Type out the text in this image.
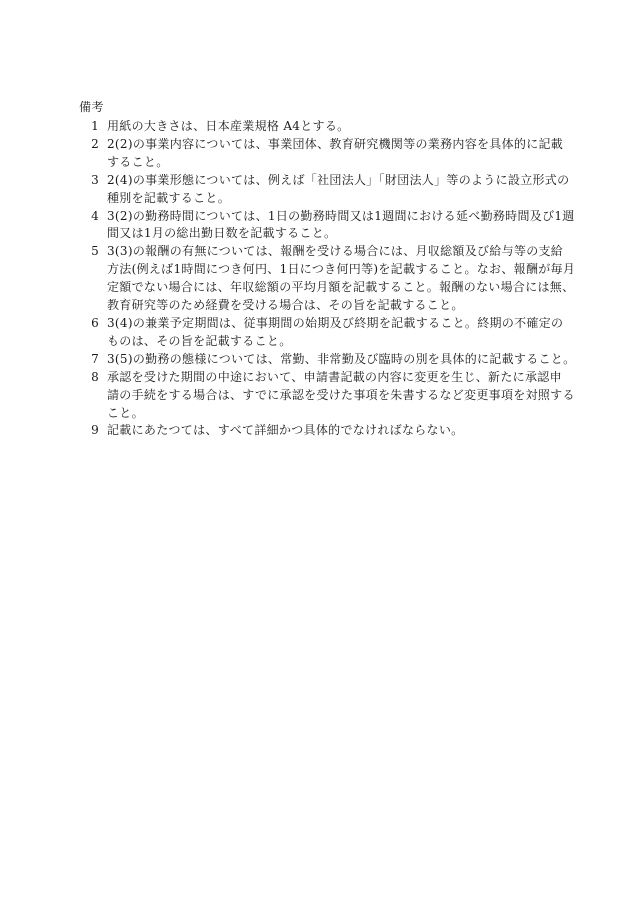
備考
1 用紙の大きさは、日本産業規格 A4とする。
2 2(2)の事業内容については、事業団体、教育研究機関等の業務内容を具体的に記載
すること。
3 2(4)の事業形態については、例えば「社団法人」「財団法人」等のように設立形式の
種別を記載すること。
4 3(2)の勤務時間については、1日の勤務時間又は1週間における延べ勤務時間及び1週
間又は1月の総出勤日数を記載すること。
5 3(3)の報酬の有無については、報酬を受ける場合には、月収総額及び給与等の支給
方法(例えば1時間につき何円、1日につき何円等)を記載すること。なお、報酬が毎月
定額でない場合には、年収総額の平均月額を記載すること。報酬のない場合には無、
教育研究等のため経費を受ける場合は、その旨を記載すること。
6 3(4)の兼業予定期間は、従事期間の始期及び終期を記載すること。終期の不確定の
ものは、その旨を記載すること。
7 3(5)の勤務の態様については、常勤、非常勤及び臨時の別を具体的に記載すること。
8 承認を受けた期間の中途において、申請書記載の内容に変更を生じ、新たに承認申
請の手続をする場合は、すでに承認を受けた事項を朱書するなど変更事項を対照する
こと。
9 記載にあたつては、すべて詳細かつ具体的でなければならない。
